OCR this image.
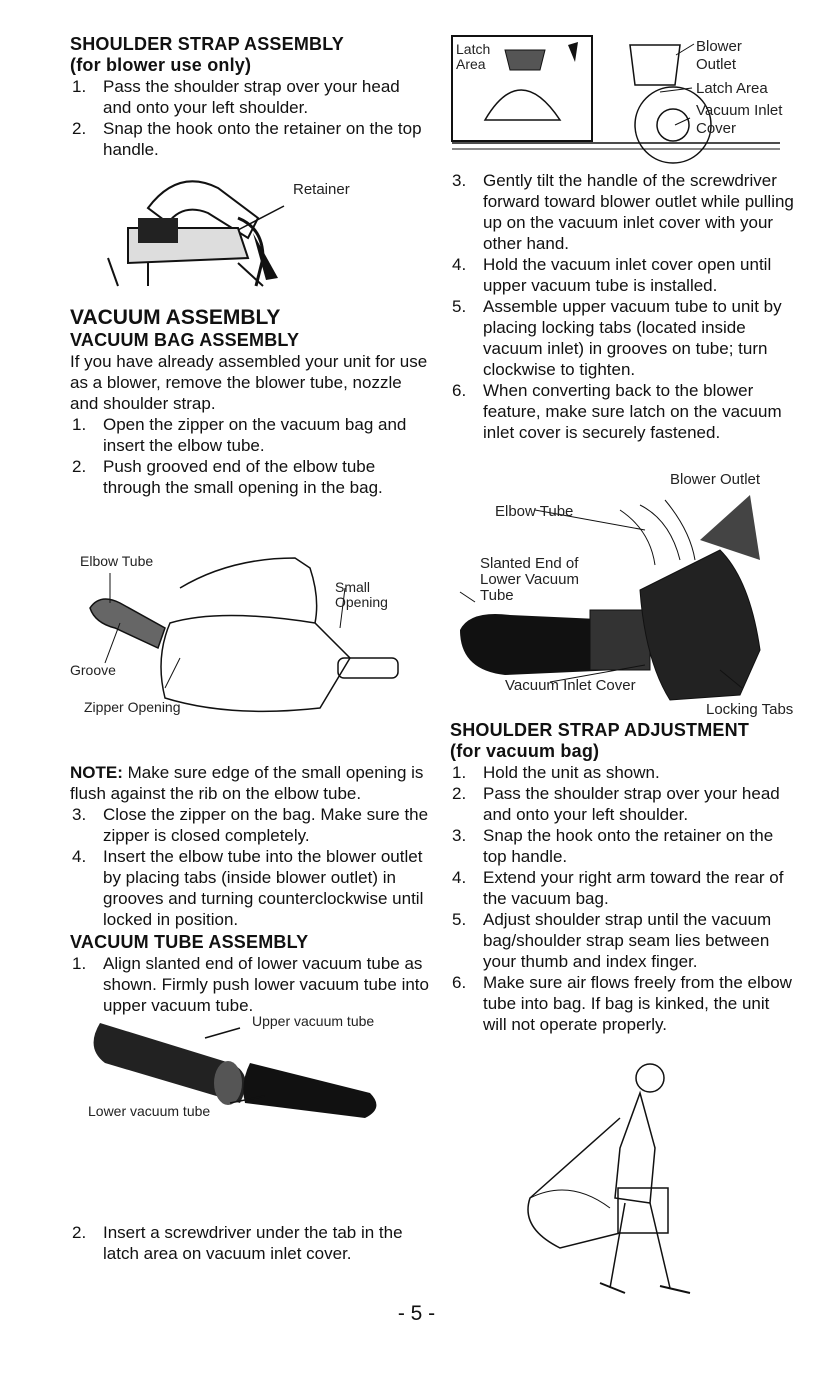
SHOULDER STRAP ASSEMBLY
(for blower use only)
1. Pass the shoulder strap over your head and onto your left shoulder.
2. Snap the hook onto the retainer on the top handle.
Retainer
VACUUM ASSEMBLY
VACUUM BAG ASSEMBLY

If you have already assembled your unit for use as a blower, remove the blower tube, nozzle and shoulder strap.

1. Open the zipper on the vacuum bag and insert the elbow tube.
2. Push grooved end of the elbow tube through the small opening in the bag.
Elbow Tube
Small Opening
Groove
Zipper Opening

NOTE: Make sure edge of the small opening is flush against the rib on the elbow tube.

3. Close the zipper on the bag. Make sure the zipper is closed completely.
4. Insert the elbow tube into the blower outlet by placing tabs (inside blower outlet) in grooves and turning counterclockwise until locked in position.
VACUUM TUBE ASSEMBLY
1. Align slanted end of lower vacuum tube as shown. Firmly push lower vacuum tube into upper vacuum tube.
Upper vacuum tube
Lower vacuum tube
2. Insert a screwdriver under the tab in the latch area on vacuum inlet cover.
Latch Area
Blower Outlet
Latch Area
Vacuum Inlet Cover
3. Gently tilt the handle of the screwdriver forward toward blower outlet while pulling up on the vacuum inlet cover with your other hand.
4. Hold the vacuum inlet cover open until upper vacuum tube is installed.
5. Assemble upper vacuum tube to unit by placing locking tabs (located inside vacuum inlet) in grooves on tube; turn clockwise to tighten.
6. When converting back to the blower feature, make sure latch on the vacuum inlet cover is securely fastened.
Blower Outlet
Elbow Tube
Slanted End of Lower Vacuum Tube
Vacuum Inlet Cover
Locking Tabs
SHOULDER STRAP ADJUSTMENT
(for vacuum bag)
1. Hold the unit as shown.
2. Pass the shoulder strap over your head and onto your left shoulder.
3. Snap the hook onto the retainer on the top handle.
4. Extend your right arm toward the rear of the vacuum bag.
5. Adjust shoulder strap until the vacuum bag/shoulder strap seam lies between your thumb and index finger.
6. Make sure air flows freely from the elbow tube into bag. If bag is kinked, the unit will not operate properly.
- 5 -
